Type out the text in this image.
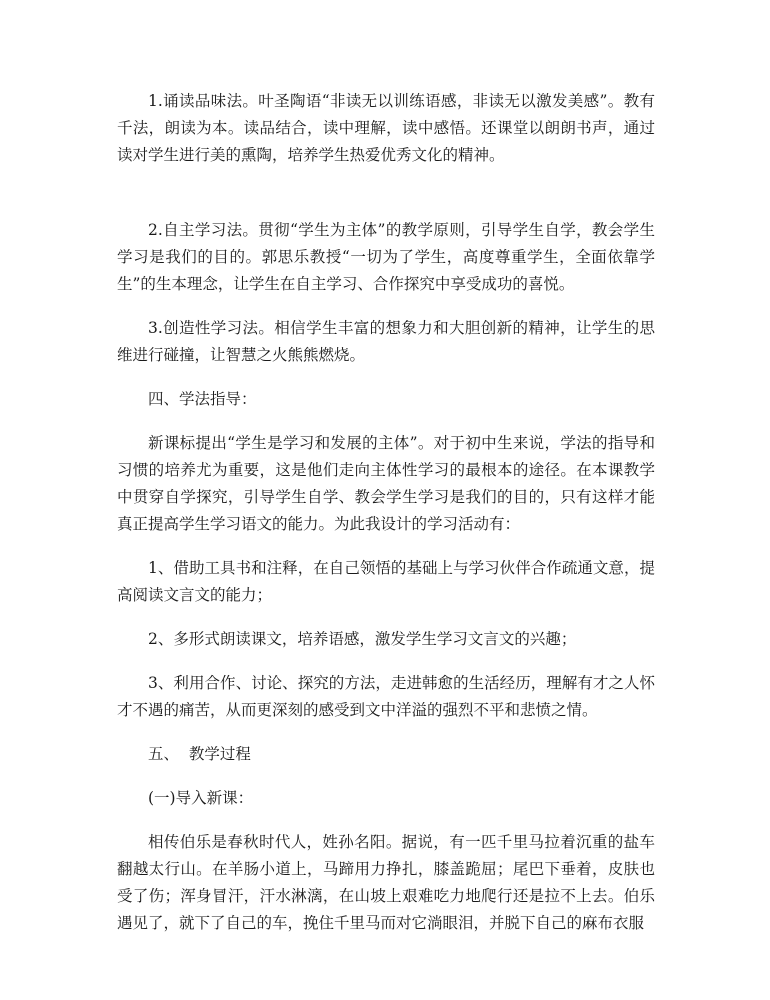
1.诵读品味法。叶圣陶语“非读无以训练语感，非读无以激发美感”。教有千法，朗读为本。读品结合，读中理解，读中感悟。还课堂以朗朗书声，通过读对学生进行美的熏陶，培养学生热爱优秀文化的精神。

2.自主学习法。贯彻“学生为主体”的教学原则，引导学生自学，教会学生学习是我们的目的。郭思乐教授“一切为了学生，高度尊重学生，全面依靠学生”的生本理念，让学生在自主学习、合作探究中享受成功的喜悦。

3.创造性学习法。相信学生丰富的想象力和大胆创新的精神，让学生的思维进行碰撞，让智慧之火熊熊燃烧。

四、学法指导：

新课标提出“学生是学习和发展的主体”。对于初中生来说，学法的指导和习惯的培养尤为重要，这是他们走向主体性学习的最根本的途径。在本课教学中贯穿自学探究，引导学生自学、教会学生学习是我们的目的，只有这样才能真正提高学生学习语文的能力。为此我设计的学习活动有：

1、借助工具书和注释，在自己领悟的基础上与学习伙伴合作疏通文意，提高阅读文言文的能力；

2、多形式朗读课文，培养语感，激发学生学习文言文的兴趣；

3、利用合作、讨论、探究的方法，走进韩愈的生活经历，理解有才之人怀才不遇的痛苦，从而更深刻的感受到文中洋溢的强烈不平和悲愤之情。

五、  教学过程

(一)导入新课：

相传伯乐是春秋时代人，姓孙名阳。据说，有一匹千里马拉着沉重的盐车翻越太行山。在羊肠小道上，马蹄用力挣扎，膝盖跪屈；尾巴下垂着，皮肤也受了伤；浑身冒汗，汗水淋漓，在山坡上艰难吃力地爬行还是拉不上去。伯乐遇见了，就下了自己的车，挽住千里马而对它淌眼泪，并脱下自己的麻布衣服
